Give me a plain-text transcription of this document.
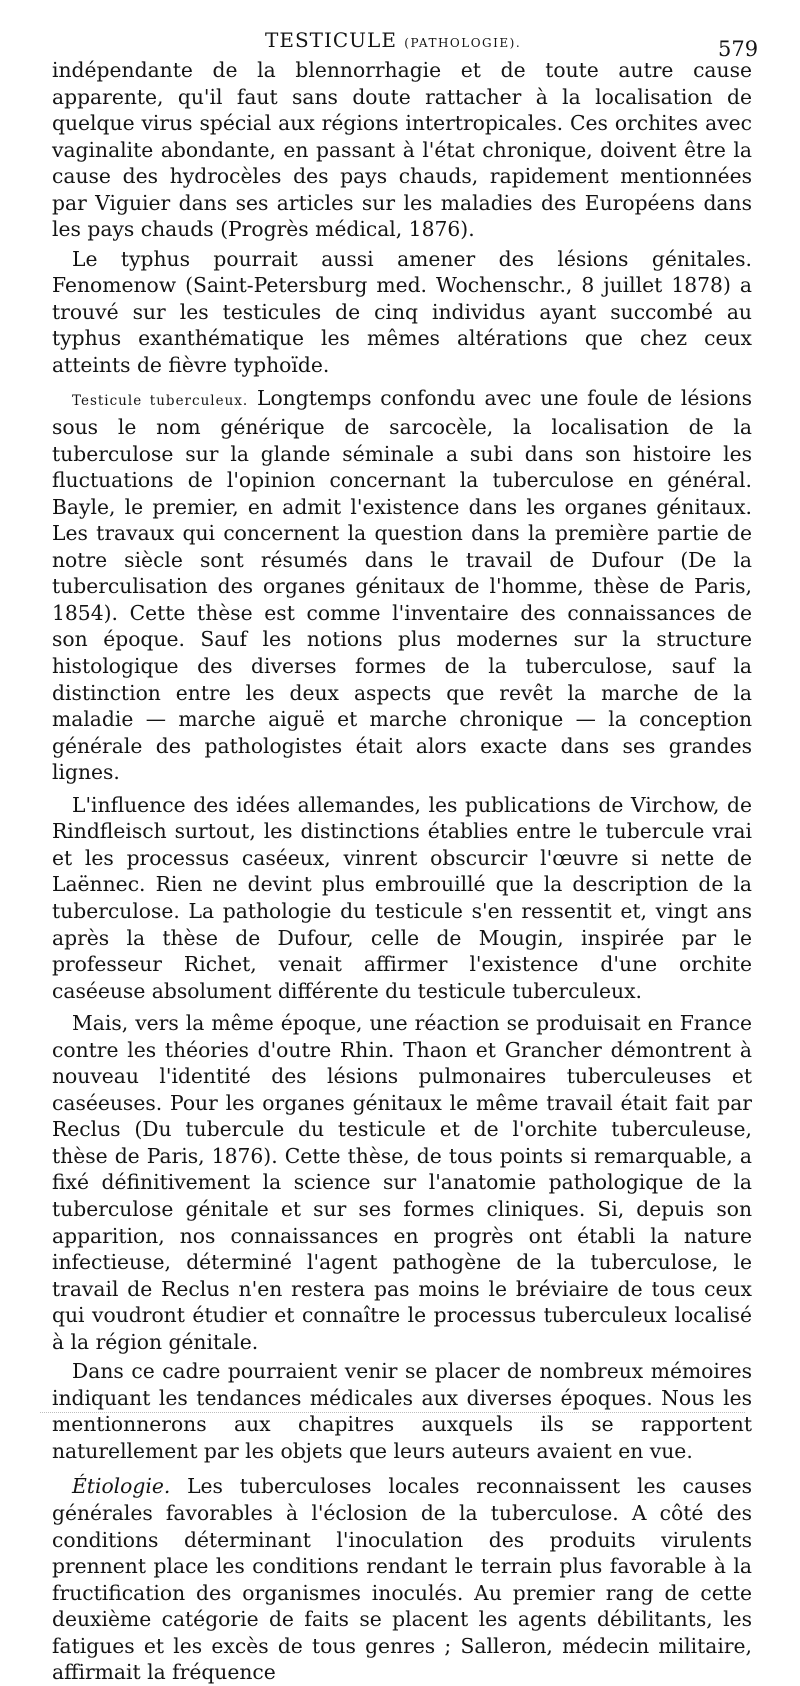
TESTICULE (PATHOLOGIE).	579

indépendante de la blennorrhagie et de toute autre cause apparente, qu'il faut sans doute rattacher à la localisation de quelque virus spécial aux régions intertropicales. Ces orchites avec vaginalite abondante, en passant à l'état chronique, doivent être la cause des hydrocèles des pays chauds, rapidement mentionnées par Viguier dans ses articles sur les maladies des Européens dans les pays chauds (Progrès médical, 1876).

Le typhus pourrait aussi amener des lésions génitales. Fenomenow (Saint-Petersburg med. Wochenschr., 8 juillet 1878) a trouvé sur les testicules de cinq individus ayant succombé au typhus exanthématique les mêmes altérations que chez ceux atteints de fièvre typhoïde.

Testicule tuberculeux. Longtemps confondu avec une foule de lésions sous le nom générique de sarcocèle, la localisation de la tuberculose sur la glande séminale a subi dans son histoire les fluctuations de l'opinion concernant la tuberculose en général. Bayle, le premier, en admit l'existence dans les organes génitaux. Les travaux qui concernent la question dans la première partie de notre siècle sont résumés dans le travail de Dufour (De la tuberculisation des organes génitaux de l'homme, thèse de Paris, 1854). Cette thèse est comme l'inventaire des connaissances de son époque. Sauf les notions plus modernes sur la structure histologique des diverses formes de la tuberculose, sauf la distinction entre les deux aspects que revêt la marche de la maladie — marche aiguë et marche chronique — la conception générale des pathologistes était alors exacte dans ses grandes lignes.

L'influence des idées allemandes, les publications de Virchow, de Rindfleisch surtout, les distinctions établies entre le tubercule vrai et les processus caséeux, vinrent obscurcir l'œuvre si nette de Laënnec. Rien ne devint plus embrouillé que la description de la tuberculose. La pathologie du testicule s'en ressentit et, vingt ans après la thèse de Dufour, celle de Mougin, inspirée par le professeur Richet, venait affirmer l'existence d'une orchite caséeuse absolument différente du testicule tuberculeux.

Mais, vers la même époque, une réaction se produisait en France contre les théories d'outre Rhin. Thaon et Grancher démontrent à nouveau l'identité des lésions pulmonaires tuberculeuses et caséeuses. Pour les organes génitaux le même travail était fait par Reclus (Du tubercule du testicule et de l'orchite tuberculeuse, thèse de Paris, 1876). Cette thèse, de tous points si remarquable, a fixé définitivement la science sur l'anatomie pathologique de la tuberculose génitale et sur ses formes cliniques. Si, depuis son apparition, nos connaissances en progrès ont établi la nature infectieuse, déterminé l'agent pathogène de la tuberculose, le travail de Reclus n'en restera pas moins le bréviaire de tous ceux qui voudront étudier et connaître le processus tuberculeux localisé à la région génitale.

Dans ce cadre pourraient venir se placer de nombreux mémoires indiquant les tendances médicales aux diverses époques. Nous les mentionnerons aux chapitres auxquels ils se rapportent naturellement par les objets que leurs auteurs avaient en vue.

Étiologie. Les tuberculoses locales reconnaissent les causes générales favorables à l'éclosion de la tuberculose. A côté des conditions déterminant l'inoculation des produits virulents prennent place les conditions rendant le terrain plus favorable à la fructification des organismes inoculés. Au premier rang de cette deuxième catégorie de faits se placent les agents débilitants, les fatigues et les excès de tous genres ; Salleron, médecin militaire, affirmait la fréquence
